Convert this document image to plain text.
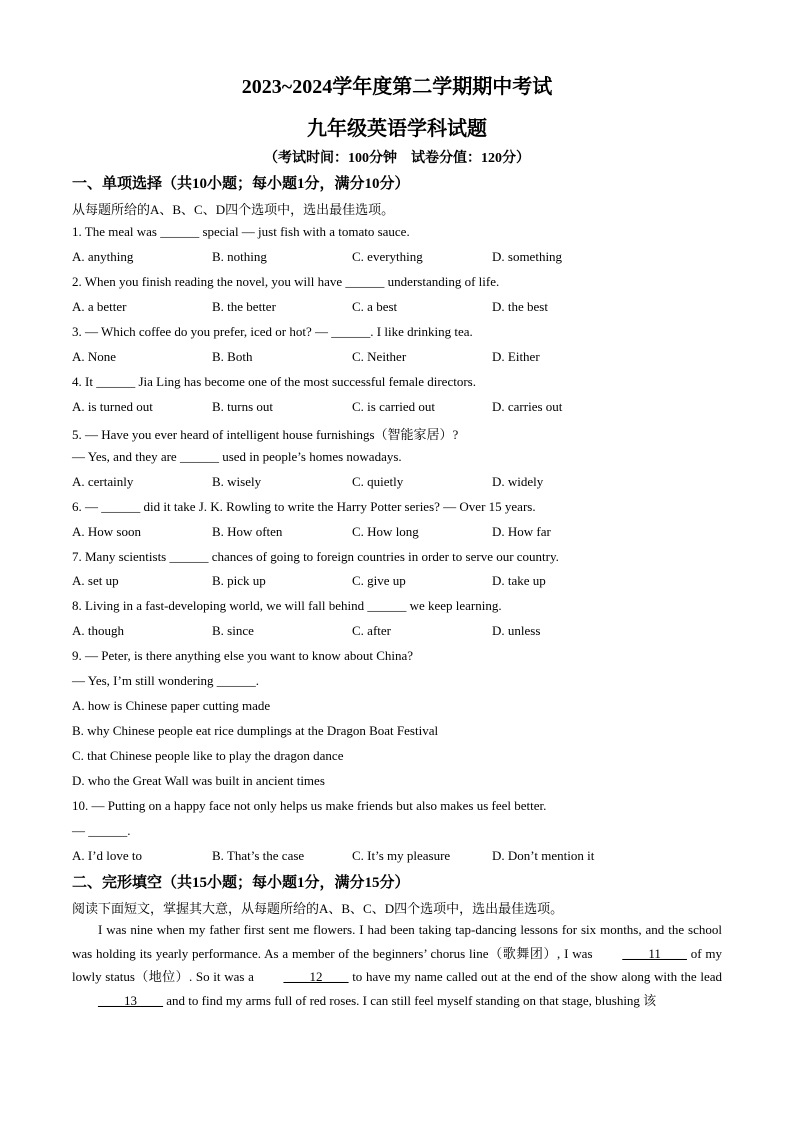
2023~2024学年度第二学期期中考试
九年级英语学科试题
（考试时间：100分钟　试卷分值：120分）
一、单项选择（共10小题；每小题1分，满分10分）
从每题所给的A、B、C、D四个选项中，选出最佳选项。
1. The meal was ______ special — just fish with a tomato sauce.
A. anything	B. nothing	C. everything	D. something
2. When you finish reading the novel, you will have ______ understanding of life.
A. a better	B. the better	C. a best	D. the best
3. — Which coffee do you prefer, iced or hot? — ______. I like drinking tea.
A. None	B. Both	C. Neither	D. Either
4. It ______ Jia Ling has become one of the most successful female directors.
A. is turned out	B. turns out	C. is carried out	D. carries out
5. — Have you ever heard of intelligent house furnishings（智能家居）?
— Yes, and they are ______ used in people’s homes nowadays.
A. certainly	B. wisely	C. quietly	D. widely
6. — ______ did it take J. K. Rowling to write the Harry Potter series? — Over 15 years.
A. How soon	B. How often	C. How long	D. How far
7. Many scientists ______ chances of going to foreign countries in order to serve our country.
A. set up	B. pick up	C. give up	D. take up
8. Living in a fast-developing world, we will fall behind ______ we keep learning.
A. though	B. since	C. after	D. unless
9. — Peter, is there anything else you want to know about China?
— Yes, I’m still wondering ______.
A. how is Chinese paper cutting made
B. why Chinese people eat rice dumplings at the Dragon Boat Festival
C. that Chinese people like to play the dragon dance
D. who the Great Wall was built in ancient times
10. — Putting on a happy face not only helps us make friends but also makes us feel better.
— ______.
A. I’d love to	B. That’s the case	C. It’s my pleasure	D. Don’t mention it
二、完形填空（共15小题；每小题1分，满分15分）
阅读下面短文，掌握其大意，从每题所给的A、B、C、D四个选项中，选出最佳选项。
I was nine when my father first sent me flowers. I had been taking tap-dancing lessons for six months, and the school was holding its yearly performance. As a member of the beginners’ chorus line（歌舞团）, I was ____11____ of my lowly status（地位）. So it was a ____12____ to have my name called out at the end of the show along with the lead ____13____ and to find my arms full of red roses. I can still feel myself standing on that stage, blushing 该
